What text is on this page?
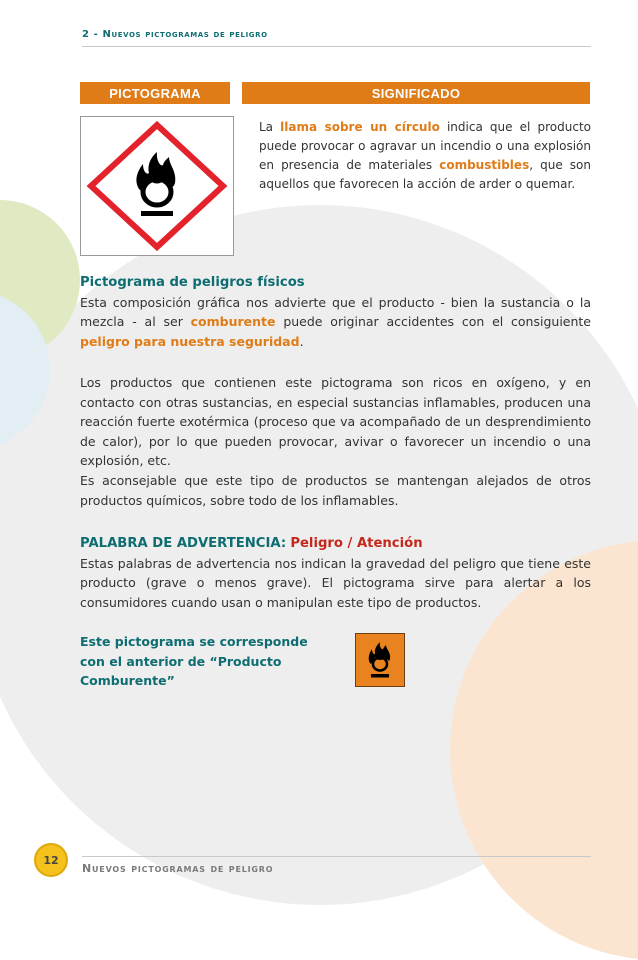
2 - Nuevos pictogramas de peligro
PICTOGRAMA	SIGNIFICADO
La llama sobre un círculo indica que el producto puede provocar o agravar un incendio o una explosión en presencia de materiales combustibles, que son aquellos que favorecen la acción de arder o quemar.

Pictograma de peligros físicos

Esta composición gráfica nos advierte que el producto - bien la sustancia o la mezcla - al ser comburente puede originar accidentes con el consiguiente peligro para nuestra seguridad.

Los productos que contienen este pictograma son ricos en oxígeno, y en contacto con otras sustancias, en especial sustancias inflamables, producen una reacción fuerte exotérmica (proceso que va acompañado de un desprendimiento de calor), por lo que pueden provocar, avivar o favorecer un incendio o una explosión, etc.

Es aconsejable que este tipo de productos se mantengan alejados de otros productos químicos, sobre todo de los inflamables.

PALABRA DE ADVERTENCIA: Peligro / Atención

Estas palabras de advertencia nos indican la gravedad del peligro que tiene este producto (grave o menos grave). El pictograma sirve para alertar a los consumidores cuando usan o manipulan este tipo de productos.

Este pictograma se corresponde

con el anterior de “Producto Comburente”

12
Nuevos pictogramas de peligro
